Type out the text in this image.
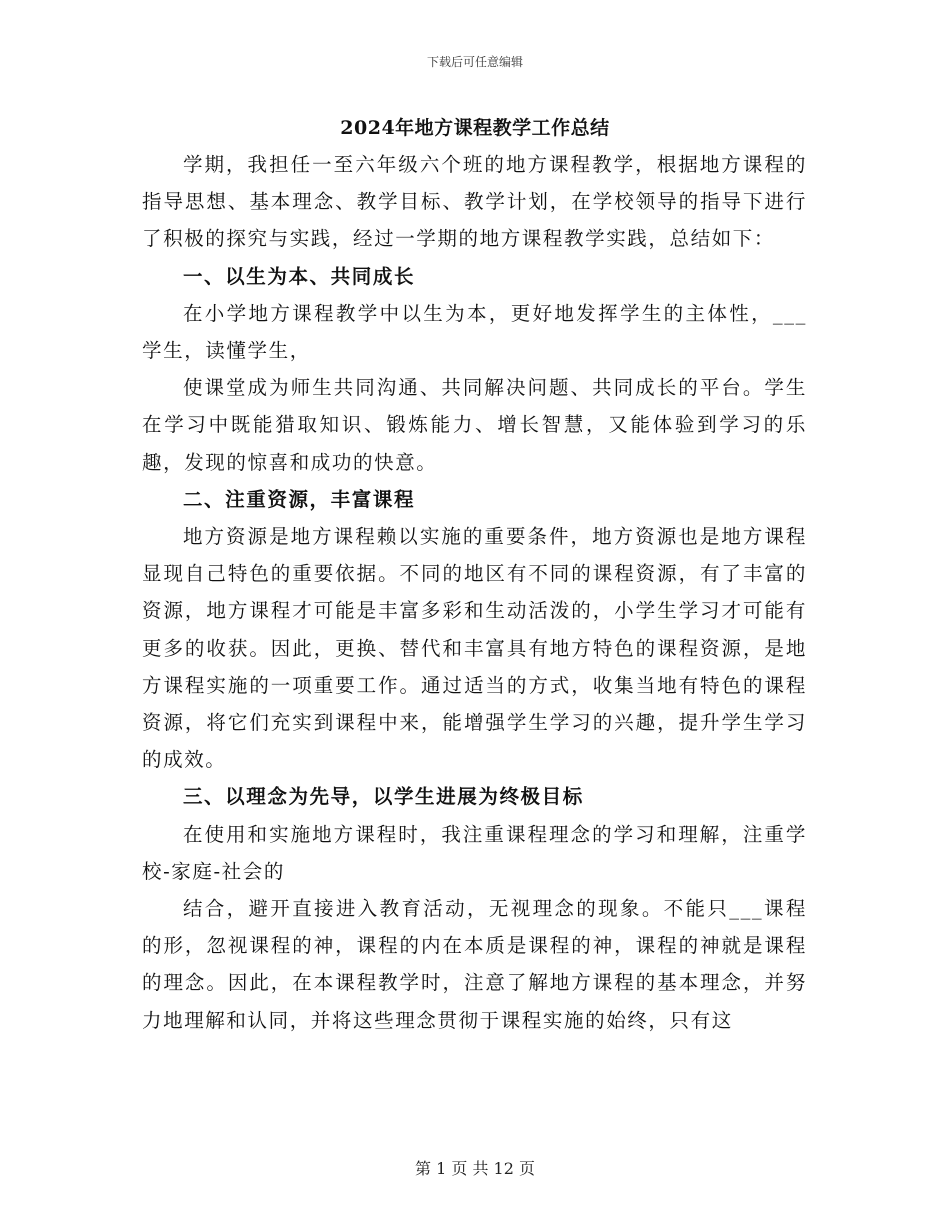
下载后可任意编辑
2024年地方课程教学工作总结

学期，我担任一至六年级六个班的地方课程教学，根据地方课程的指导思想、基本理念、教学目标、教学计划，在学校领导的指导下进行了积极的探究与实践，经过一学期的地方课程教学实践，总结如下：

一、以生为本、共同成长

在小学地方课程教学中以生为本，更好地发挥学生的主体性，___学生，读懂学生，

使课堂成为师生共同沟通、共同解决问题、共同成长的平台。学生在学习中既能猎取知识、锻炼能力、增长智慧，又能体验到学习的乐趣，发现的惊喜和成功的快意。

二、注重资源，丰富课程

地方资源是地方课程赖以实施的重要条件，地方资源也是地方课程显现自己特色的重要依据。不同的地区有不同的课程资源，有了丰富的资源，地方课程才可能是丰富多彩和生动活泼的，小学生学习才可能有更多的收获。因此，更换、替代和丰富具有地方特色的课程资源，是地方课程实施的一项重要工作。通过适当的方式，收集当地有特色的课程资源，将它们充实到课程中来，能增强学生学习的兴趣，提升学生学习的成效。

三、以理念为先导，以学生进展为终极目标

在使用和实施地方课程时，我注重课程理念的学习和理解，注重学校-家庭-社会的

结合，避开直接进入教育活动，无视理念的现象。不能只___课程的形，忽视课程的神，课程的内在本质是课程的神，课程的神就是课程的理念。因此，在本课程教学时，注意了解地方课程的基本理念，并努力地理解和认同，并将这些理念贯彻于课程实施的始终，只有这

第 1 页 共 12 页
